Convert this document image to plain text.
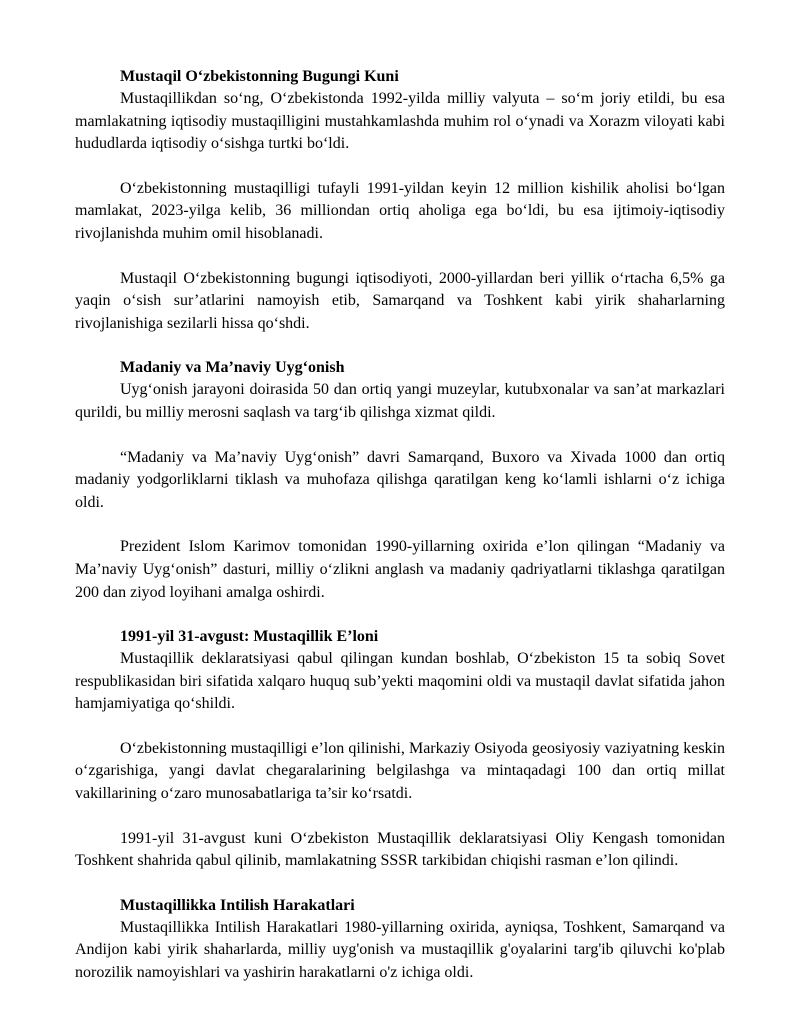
Mustaqil O‘zbekistonning Bugungi Kuni

Mustaqillikdan so‘ng, O‘zbekistonda 1992-yilda milliy valyuta – so‘m joriy etildi, bu esa mamlakatning iqtisodiy mustaqilligini mustahkamlashda muhim rol o‘ynadi va Xorazm viloyati kabi hududlarda iqtisodiy o‘sishga turtki bo‘ldi.

O‘zbekistonning mustaqilligi tufayli 1991-yildan keyin 12 million kishilik aholisi bo‘lgan mamlakat, 2023-yilga kelib, 36 milliondan ortiq aholiga ega bo‘ldi, bu esa ijtimoiy-iqtisodiy rivojlanishda muhim omil hisoblanadi.

Mustaqil O‘zbekistonning bugungi iqtisodiyoti, 2000-yillardan beri yillik o‘rtacha 6,5% ga yaqin o‘sish sur’atlarini namoyish etib, Samarqand va Toshkent kabi yirik shaharlarning rivojlanishiga sezilarli hissa qo‘shdi.

Madaniy va Ma’naviy Uyg‘onish

Uyg‘onish jarayoni doirasida 50 dan ortiq yangi muzeylar, kutubxonalar va san’at markazlari qurildi, bu milliy merosni saqlash va targ‘ib qilishga xizmat qildi.

“Madaniy va Ma’naviy Uyg‘onish” davri Samarqand, Buxoro va Xivada 1000 dan ortiq madaniy yodgorliklarni tiklash va muhofaza qilishga qaratilgan keng ko‘lamli ishlarni o‘z ichiga oldi.

Prezident Islom Karimov tomonidan 1990-yillarning oxirida e’lon qilingan “Madaniy va Ma’naviy Uyg‘onish” dasturi, milliy o‘zlikni anglash va madaniy qadriyatlarni tiklashga qaratilgan 200 dan ziyod loyihani amalga oshirdi.

1991-yil 31-avgust: Mustaqillik E’loni

Mustaqillik deklaratsiyasi qabul qilingan kundan boshlab, O‘zbekiston 15 ta sobiq Sovet respublikasidan biri sifatida xalqaro huquq sub’yekti maqomini oldi va mustaqil davlat sifatida jahon hamjamiyatiga qo‘shildi.

O‘zbekistonning mustaqilligi e’lon qilinishi, Markaziy Osiyoda geosiyosiy vaziyatning keskin o‘zgarishiga, yangi davlat chegaralarining belgilashga va mintaqadagi 100 dan ortiq millat vakillarining o‘zaro munosabatlariga ta’sir ko‘rsatdi.

1991-yil 31-avgust kuni O‘zbekiston Mustaqillik deklaratsiyasi Oliy Kengash tomonidan Toshkent shahrida qabul qilinib, mamlakatning SSSR tarkibidan chiqishi rasman e’lon qilindi.

Mustaqillikka Intilish Harakatlari

Mustaqillikka Intilish Harakatlari 1980-yillarning oxirida, ayniqsa, Toshkent, Samarqand va Andijon kabi yirik shaharlarda, milliy uyg'onish va mustaqillik g'oyalarini targ'ib qiluvchi ko'plab norozilik namoyishlari va yashirin harakatlarni o'z ichiga oldi.
